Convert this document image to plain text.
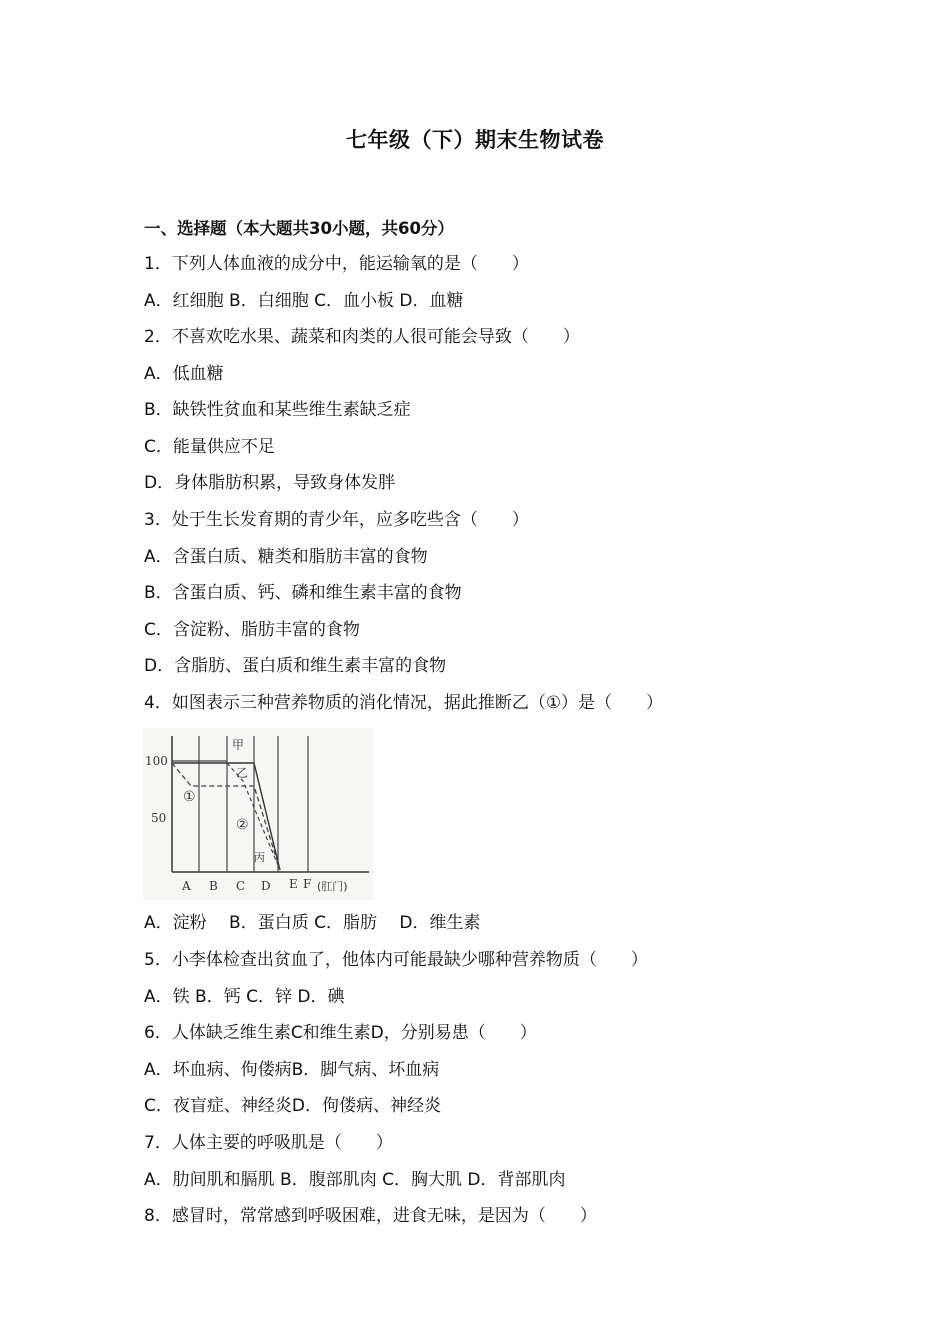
七年级（下）期末生物试卷
一、选择题（本大题共30小题，共60分）
1．下列人体血液的成分中，能运输氧的是（　　）
A．红细胞 B．白细胞 C．血小板 D．血糖
2．不喜欢吃水果、蔬菜和肉类的人很可能会导致（　　）
A．低血糖
B．缺铁性贫血和某些维生素缺乏症
C．能量供应不足
D．身体脂肪积累，导致身体发胖
3．处于生长发育期的青少年，应多吃些含（　　）
A．含蛋白质、糖类和脂肪丰富的食物
B．含蛋白质、钙、磷和维生素丰富的食物
C．含淀粉、脂肪丰富的食物
D．含脂肪、蛋白质和维生素丰富的食物
4．如图表示三种营养物质的消化情况，据此推断乙（①）是（　　）
100
50
甲
乙
丙
①
②
A B C D E F (肛门)
A．淀粉　 B．蛋白质 C．脂肪　 D．维生素
5．小李体检查出贫血了，他体内可能最缺少哪种营养物质（　　）
A．铁 B．钙 C．锌 D．碘
6．人体缺乏维生素C和维生素D，分别易患（　　）
A．坏血病、佝偻病B．脚气病、坏血病
C．夜盲症、神经炎D．佝偻病、神经炎
7．人体主要的呼吸肌是（　　）
A．肋间肌和膈肌 B．腹部肌肉 C．胸大肌 D．背部肌肉
8．感冒时，常常感到呼吸困难，进食无味，是因为（　　）
